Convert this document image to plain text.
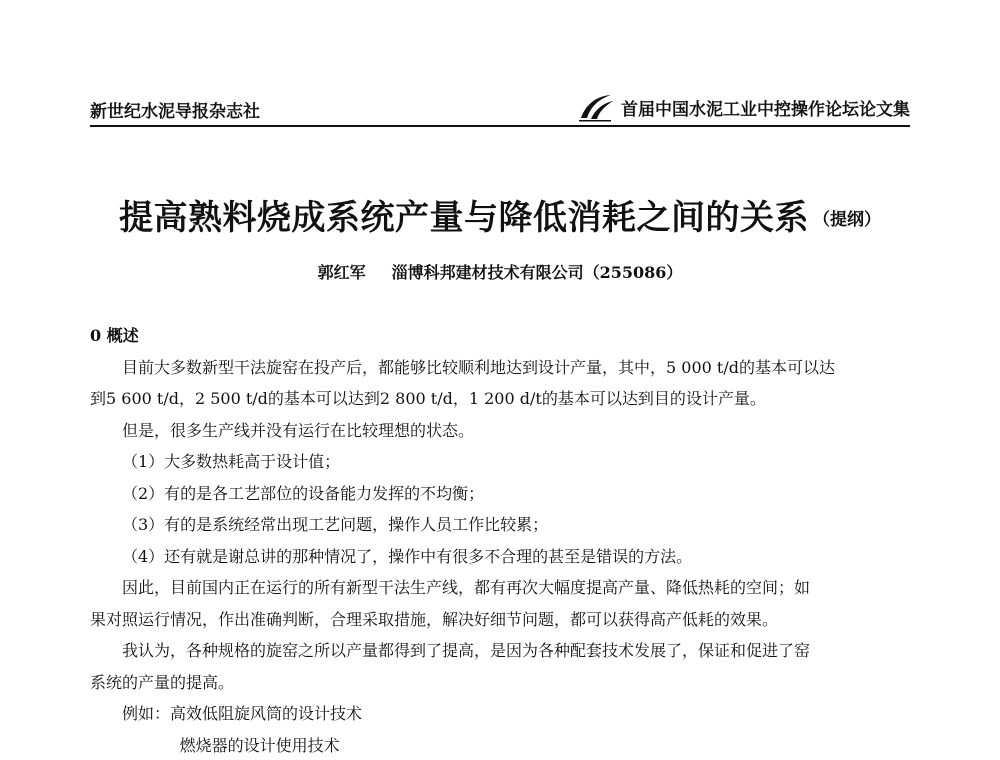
新世纪水泥导报杂志社	首届中国水泥工业中控操作论坛论文集
提高熟料烧成系统产量与降低消耗之间的关系 （提纲）
郭红军 淄博科邦建材技术有限公司（255086）

0 概述

目前大多数新型干法旋窑在投产后，都能够比较顺利地达到设计产量，其中，5 000 t/d的基本可以达

到5 600 t/d，2 500 t/d的基本可以达到2 800 t/d，1 200 d/t的基本可以达到目的设计产量。

但是，很多生产线并没有运行在比较理想的状态。

（1）大多数热耗高于设计值；

（2）有的是各工艺部位的设备能力发挥的不均衡；

（3）有的是系统经常出现工艺问题，操作人员工作比较累；

（4）还有就是谢总讲的那种情况了，操作中有很多不合理的甚至是错误的方法。

因此，目前国内正在运行的所有新型干法生产线，都有再次大幅度提高产量、降低热耗的空间；如

果对照运行情况，作出准确判断，合理采取措施，解决好细节问题，都可以获得高产低耗的效果。

我认为，各种规格的旋窑之所以产量都得到了提高，是因为各种配套技术发展了，保证和促进了窑

系统的产量的提高。

例如：高效低阻旋风筒的设计技术

燃烧器的设计使用技术
